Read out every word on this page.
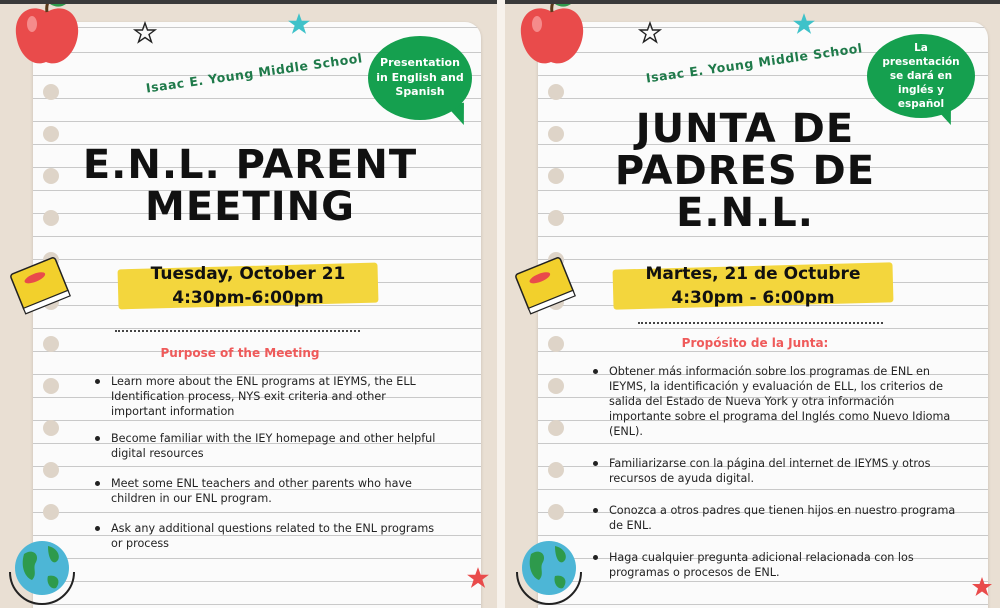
Isaac E. Young Middle School	Presentation in English and Spanish
E.N.L. PARENT
MEETING
Tuesday, October 21
4:30pm-6:00pm
Purpose of the Meeting
Learn more about the ENL programs at IEYMS, the ELL Identification process, NYS exit criteria and other important information
Become familiar with the IEY homepage and other helpful digital resources
Meet some ENL teachers and other parents who have children in our ENL program.
Ask any additional questions related to the ENL programs or process
Isaac E. Young Middle School	La presentación se dará en inglés y español
JUNTA DE
PADRES DE
E.N.L.
Martes, 21 de Octubre
4:30pm - 6:00pm
Propósito de la Junta:
Obtener más información sobre los programas de ENL en IEYMS, la identificación y evaluación de ELL, los criterios de salida del Estado de Nueva York y otra información importante sobre el programa del Inglés como Nuevo Idioma (ENL).
Familiarizarse con la página del internet de IEYMS y otros recursos de ayuda digital.
Conozca a otros padres que tienen hijos en nuestro programa de ENL.
Haga cualquier pregunta adicional relacionada con los programas o procesos de ENL.
